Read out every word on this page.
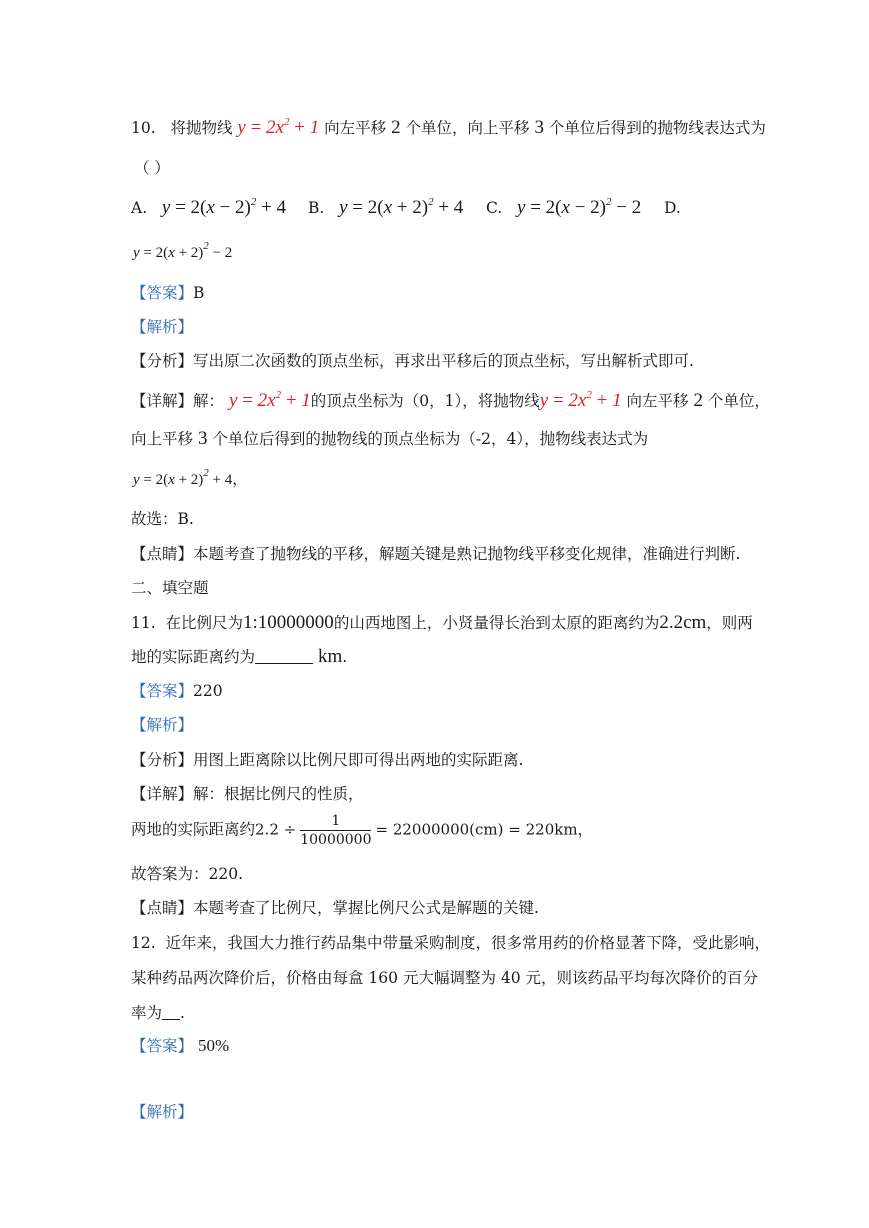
10. 将抛物线 $y = 2x^2 + 1$ 向左平移 2 个单位，向上平移 3 个单位后得到的抛物线表达式为
（ ）
A. $y = 2(x - 2)^2 + 4$ B. $y = 2(x + 2)^2 + 4$ C. $y = 2(x - 2)^2 - 2$ D.
$y = 2(x + 2)^2 - 2$
【答案】B
【解析】
【分析】写出原二次函数的顶点坐标，再求出平移后的顶点坐标，写出解析式即可.
【详解】解： $y = 2x^2 + 1$的顶点坐标为（0，1），将抛物线$y = 2x^2 + 1$ 向左平移 2 个单位，
向上平移 3 个单位后得到的抛物线的顶点坐标为（-2，4），抛物线表达式为
$y = 2(x + 2)^2 + 4$，
故选：B.
【点睛】本题考查了抛物线的平移，解题关键是熟记抛物线平移变化规律，准确进行判断.
二、填空题
11. 在比例尺为1:10000000的山西地图上，小贤量得长治到太原的距离约为2.2cm，则两
地的实际距离约为	km.
【答案】220
【解析】
【分析】用图上距离除以比例尺即可得出两地的实际距离.
【详解】解：根据比例尺的性质，
两地的实际距离约$2.2 \div \frac{1}{10000000} = 22000000(cm) = 220km$，
故答案为：220.
【点睛】本题考查了比例尺，掌握比例尺公式是解题的关键.
12. 近年来，我国大力推行药品集中带量采购制度，很多常用药的价格显著下降，受此影响，
某种药品两次降价后，价格由每盒 160 元大幅调整为 40 元，则该药品平均每次降价的百分
率为 .
【答案】 50%
【解析】
